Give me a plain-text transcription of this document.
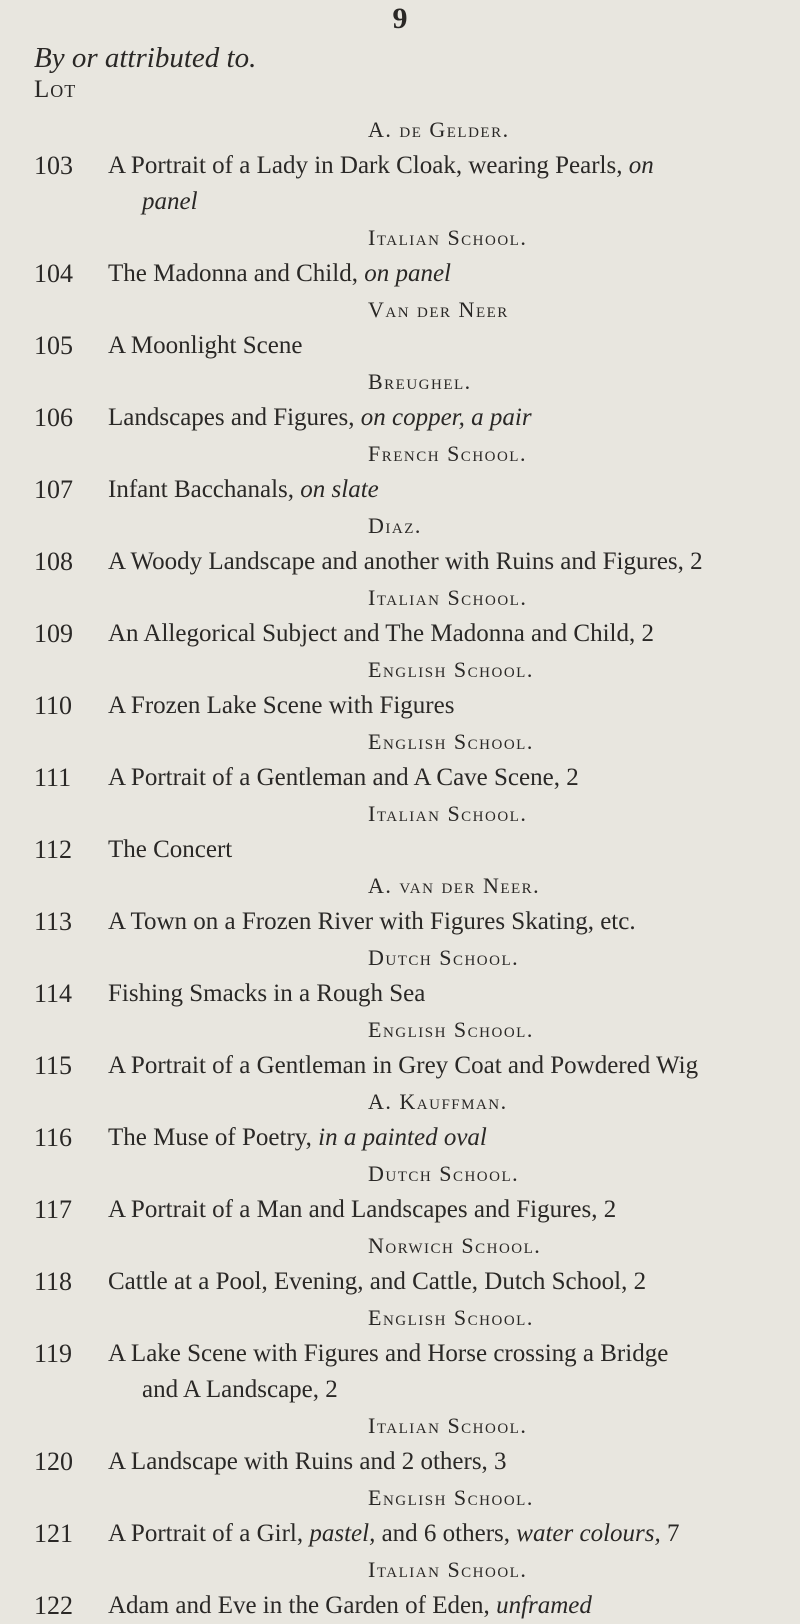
9
By or attributed to.
Lot
A. de Gelder.
103	A Portrait of a Lady in Dark Cloak, wearing Pearls, on
panel
Italian School.
104	The Madonna and Child, on panel
Van der Neer
105	A Moonlight Scene
Breughel.
106	Landscapes and Figures, on copper, a pair
French School.
107	Infant Bacchanals, on slate
Diaz.
108	A Woody Landscape and another with Ruins and Figures, 2
Italian School.
109	An Allegorical Subject and The Madonna and Child, 2
English School.
110	A Frozen Lake Scene with Figures
English School.
111	A Portrait of a Gentleman and A Cave Scene, 2
Italian School.
112	The Concert
A. van der Neer.
113	A Town on a Frozen River with Figures Skating, etc.
Dutch School.
114	Fishing Smacks in a Rough Sea
English School.
115	A Portrait of a Gentleman in Grey Coat and Powdered Wig
A. Kauffman.
116	The Muse of Poetry, in a painted oval
Dutch School.
117	A Portrait of a Man and Landscapes and Figures, 2
Norwich School.
118	Cattle at a Pool, Evening, and Cattle, Dutch School, 2
English School.
119	A Lake Scene with Figures and Horse crossing a Bridge
and A Landscape, 2
Italian School.
120	A Landscape with Ruins and 2 others, 3
English School.
121	A Portrait of a Girl, pastel, and 6 others, water colours, 7
Italian School.
122	Adam and Eve in the Garden of Eden, unframed
